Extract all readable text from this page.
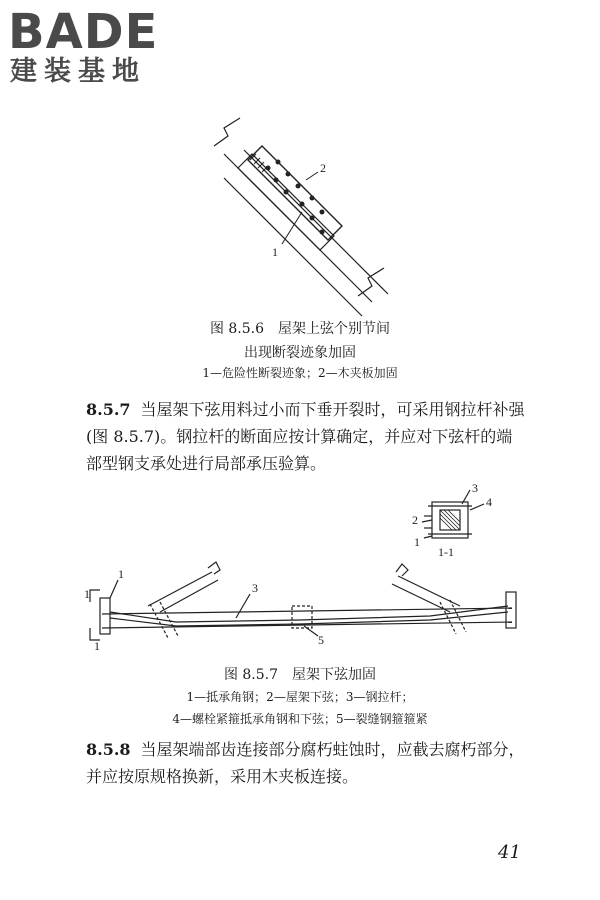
BADE
建装基地
1
2
图 8.5.6　屋架上弦个别节间
出现断裂迹象加固
1—危险性断裂迹象；2—木夹板加固
8.5.7 当屋架下弦用料过小而下垂开裂时，可采用钢拉杆补强(图 8.5.7)。钢拉杆的断面应按计算确定，并应对下弦杆的端部型钢支承处进行局部承压验算。
3
4
2
1
1-1
1
3
5
1
1
图 8.5.7　屋架下弦加固
1—抵承角钢；2—屋架下弦；3—钢拉杆；
4—螺栓紧箍抵承角钢和下弦；5—裂缝钢箍箍紧
8.5.8 当屋架端部齿连接部分腐朽蛀蚀时，应截去腐朽部分，并应按原规格换新，采用木夹板连接。
41
